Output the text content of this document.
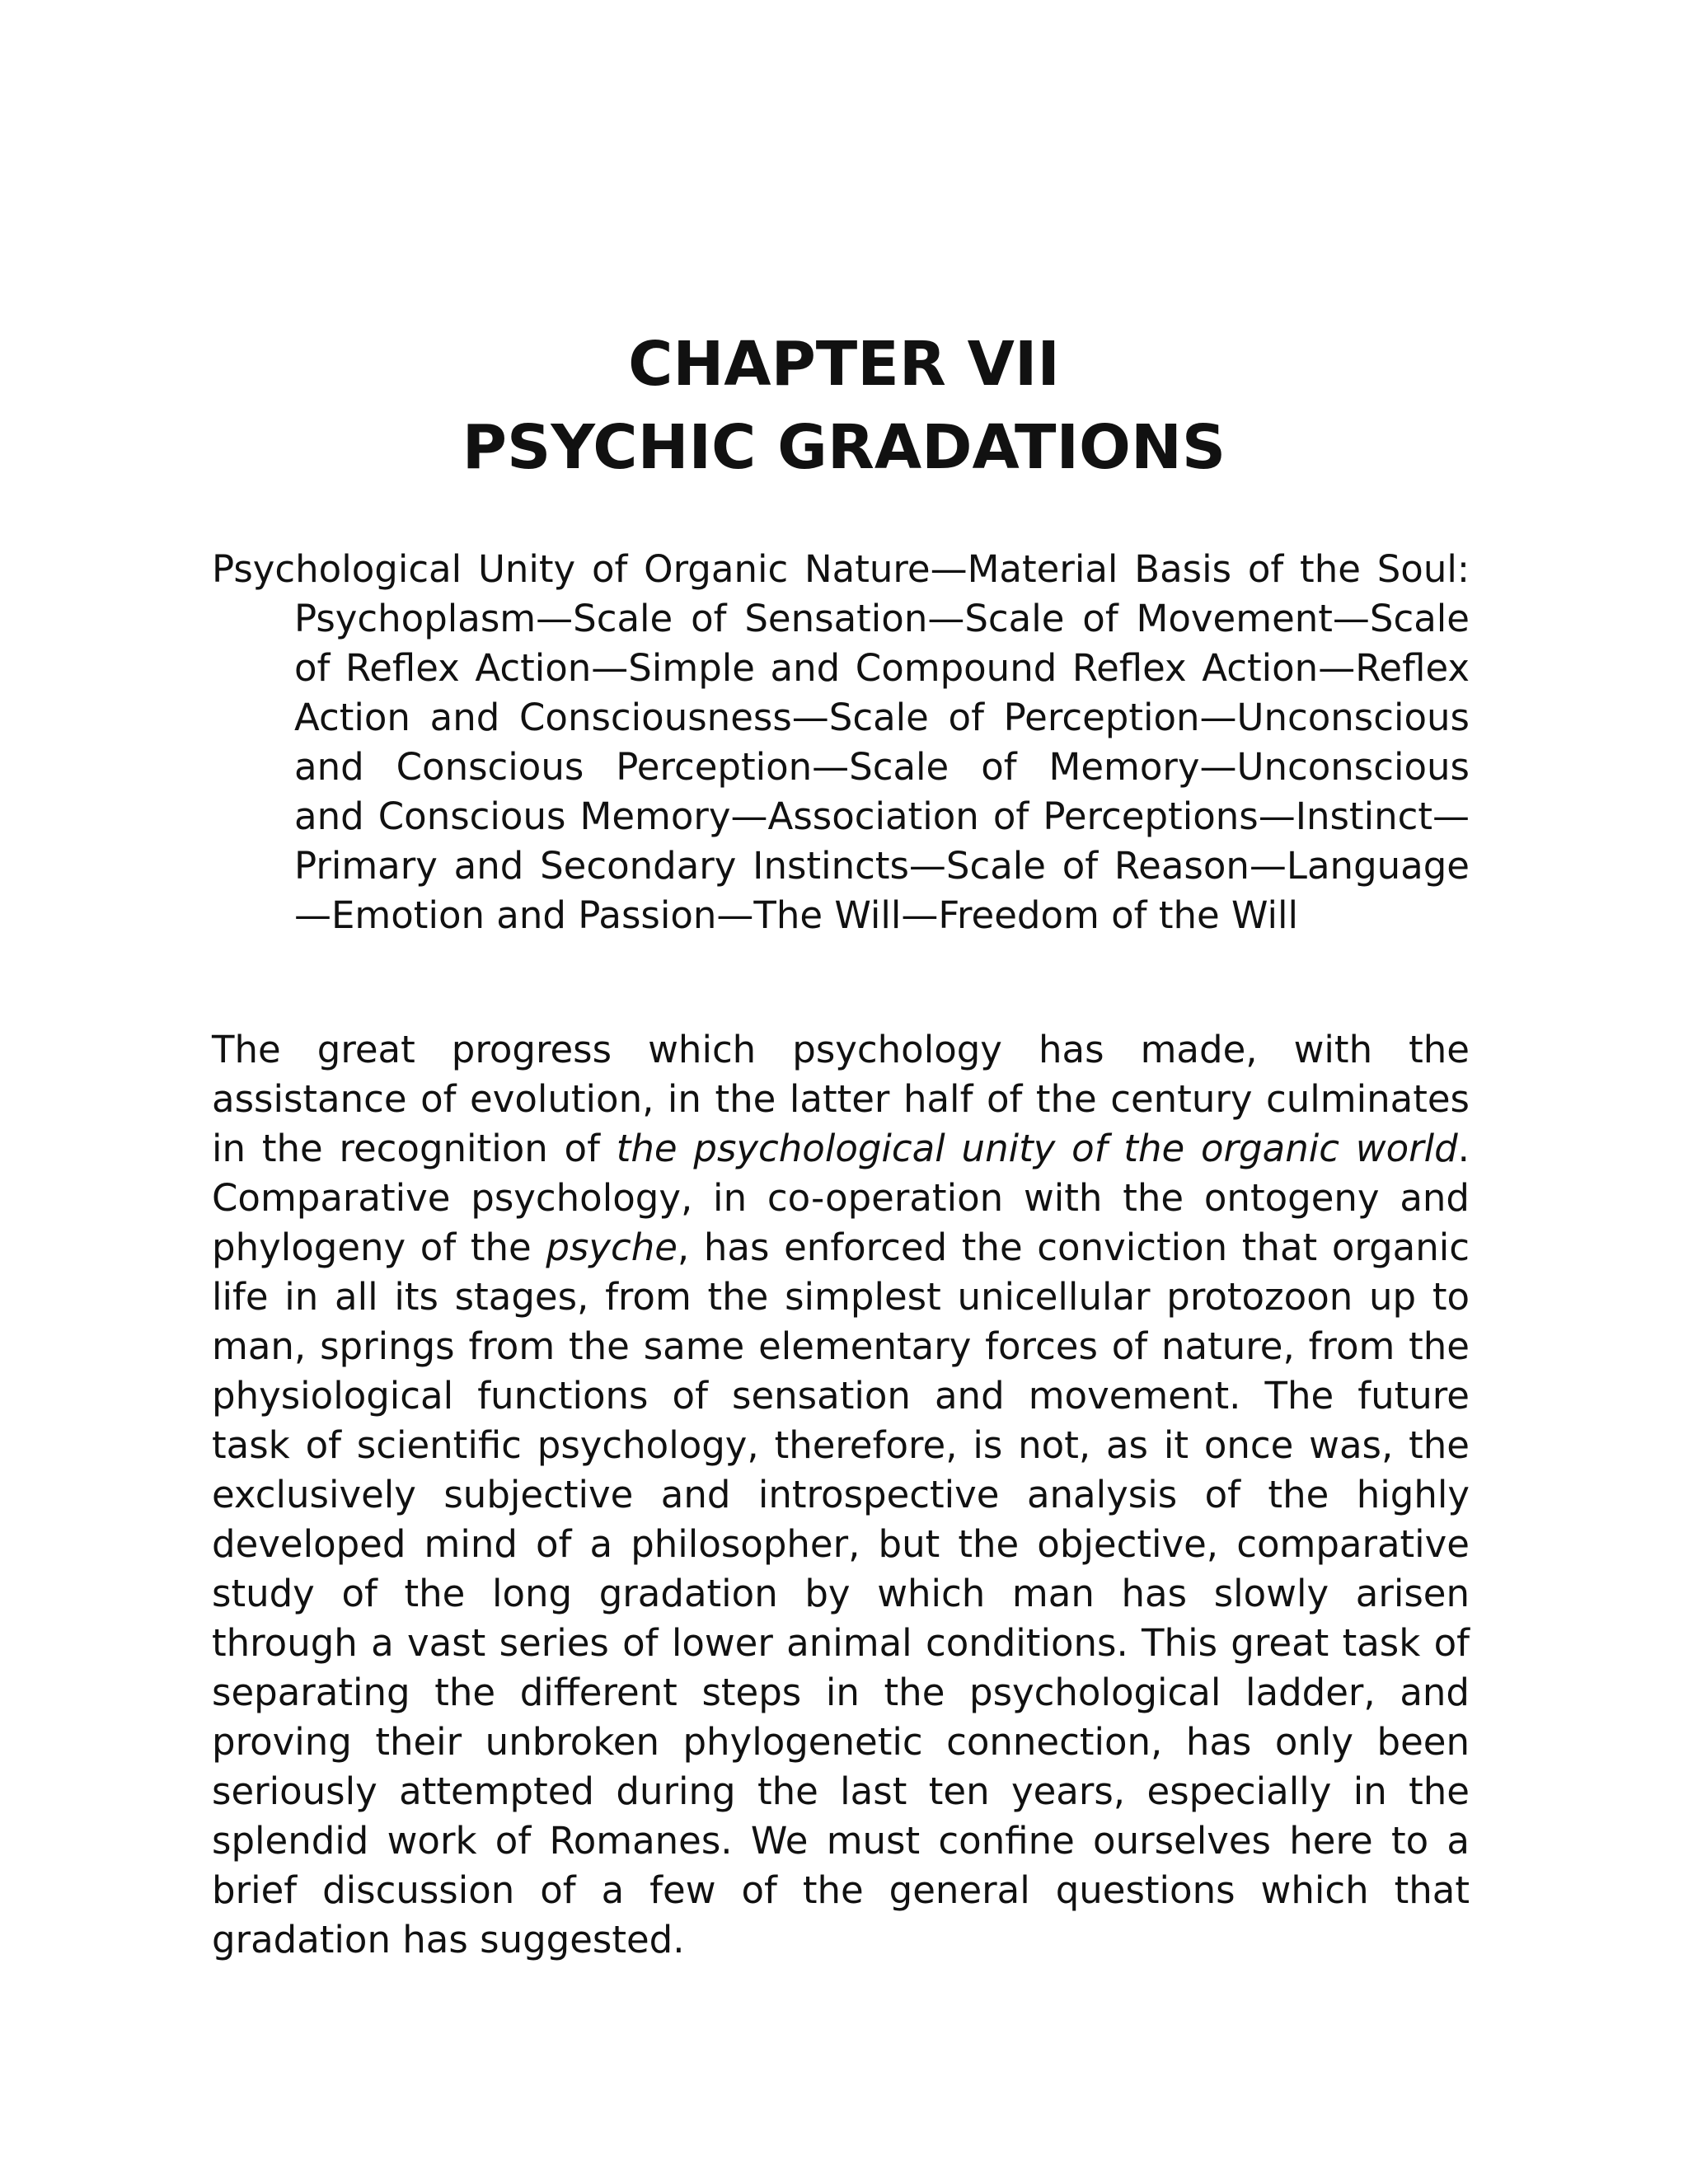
CHAPTER VII
PSYCHIC GRADATIONS

Psychological Unity of Organic Nature—Material Basis of the Soul: Psychoplasm—Scale of Sensation—Scale of Movement—Scale of Reflex Action—Simple and Compound Reflex Action—Reflex Action and Consciousness—Scale of Perception—Unconscious and Conscious Perception—Scale of Memory—Unconscious and Conscious Memory—Association of Perceptions—Instinct—Primary and Secondary Instincts—Scale of Reason—Language—Emotion and Passion—The Will—Freedom of the Will

The great progress which psychology has made, with the assistance of evolution, in the latter half of the century culminates in the recognition of the psychological unity of the organic world. Comparative psychology, in co-operation with the ontogeny and phylogeny of the psyche, has enforced the conviction that organic life in all its stages, from the simplest unicellular protozoon up to man, springs from the same elementary forces of nature, from the physiological functions of sensation and movement. The future task of scientific psychology, therefore, is not, as it once was, the exclusively subjective and introspective analysis of the highly developed mind of a philosopher, but the objective, comparative study of the long gradation by which man has slowly arisen through a vast series of lower animal conditions. This great task of separating the different steps in the psychological ladder, and proving their unbroken phylogenetic connection, has only been seriously attempted during the last ten years, especially in the splendid work of Romanes. We must confine ourselves here to a brief discussion of a few of the general questions which that gradation has suggested.
